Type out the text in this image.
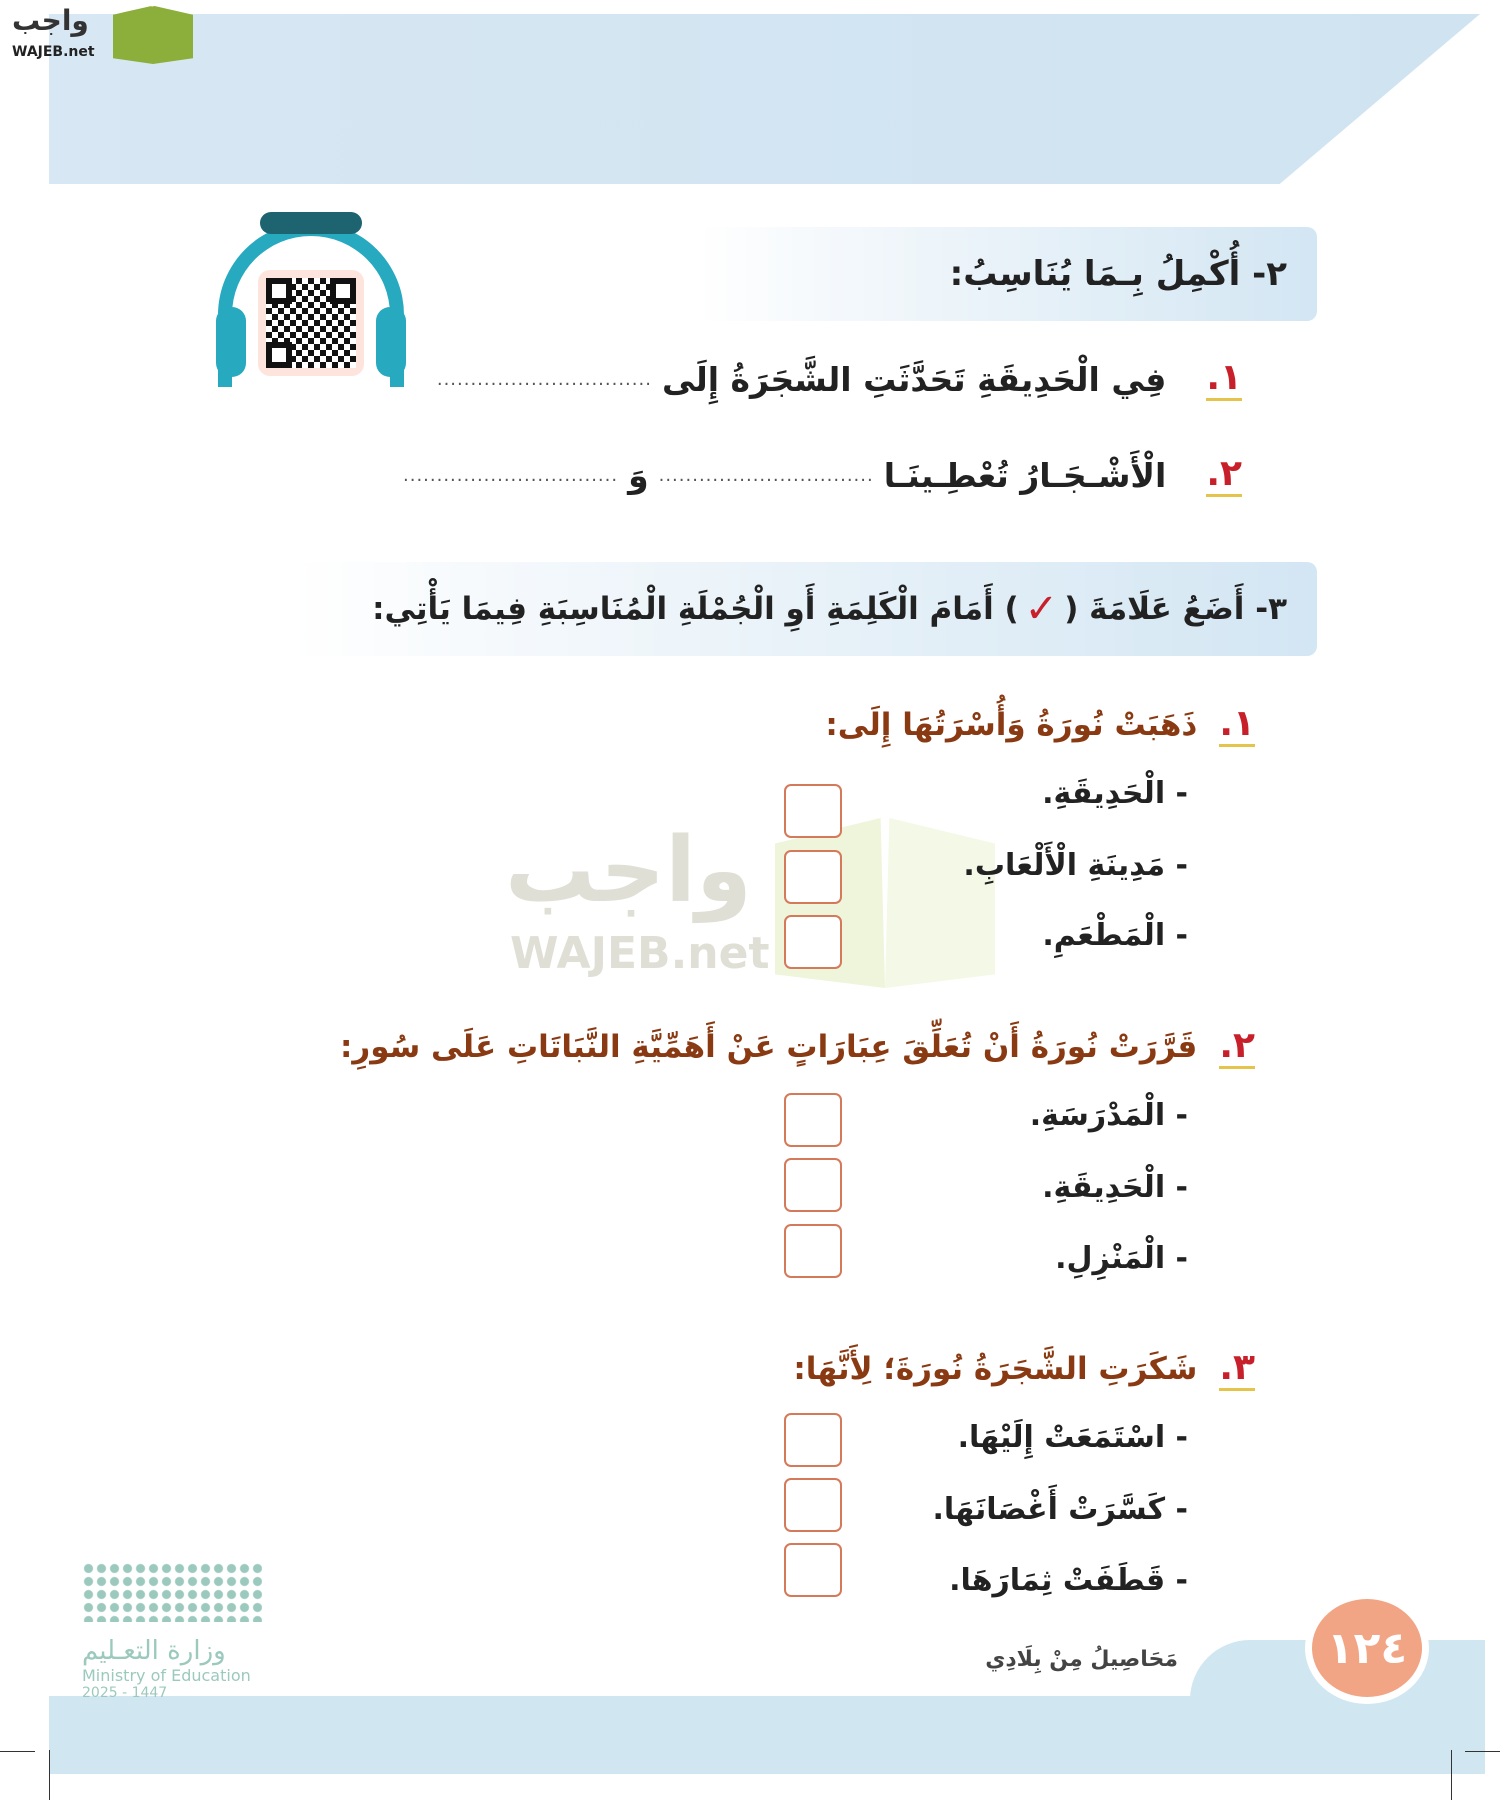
واجب
WAJEB.net
٢- أُكْمِلُ بِـمَا يُنَاسِبُ:
١.
فِي الْحَدِيقَةِ تَحَدَّثَتِ الشَّجَرَةُ إِلَى
................................
٢.
الْأَشْـجَـارُ تُعْطِـينَـا
................................
وَ
................................
٣- أَضَعُ عَلَامَةَ (
✓
) أَمَامَ الْكَلِمَةِ أَوِ الْجُمْلَةِ الْمُنَاسِبَةِ فِيمَا يَأْتِي:
واجب
WAJEB.net
١.
ذَهَبَتْ نُورَةُ وَأُسْرَتُهَا إِلَى:
- الْحَدِيقَةِ.
- مَدِينَةِ الْأَلْعَابِ.
- الْمَطْعَمِ.
٢.
قَرَّرَتْ نُورَةُ أَنْ تُعَلِّقَ عِبَارَاتٍ عَنْ أَهَمِّيَّةِ النَّبَاتَاتِ عَلَى سُورِ:
- الْمَدْرَسَةِ.
- الْحَدِيقَةِ.
- الْمَنْزِلِ.
٣.
شَكَرَتِ الشَّجَرَةُ نُورَةَ؛ لِأَنَّهَا:
- اسْتَمَعَتْ إِلَيْهَا.
- كَسَّرَتْ أَغْصَانَهَا.
- قَطَفَتْ ثِمَارَهَا.
مَحَاصِيلُ مِنْ بِلَادِي	١٢٤
وزارة التعـليم
Ministry of Education
2025 - 1447
